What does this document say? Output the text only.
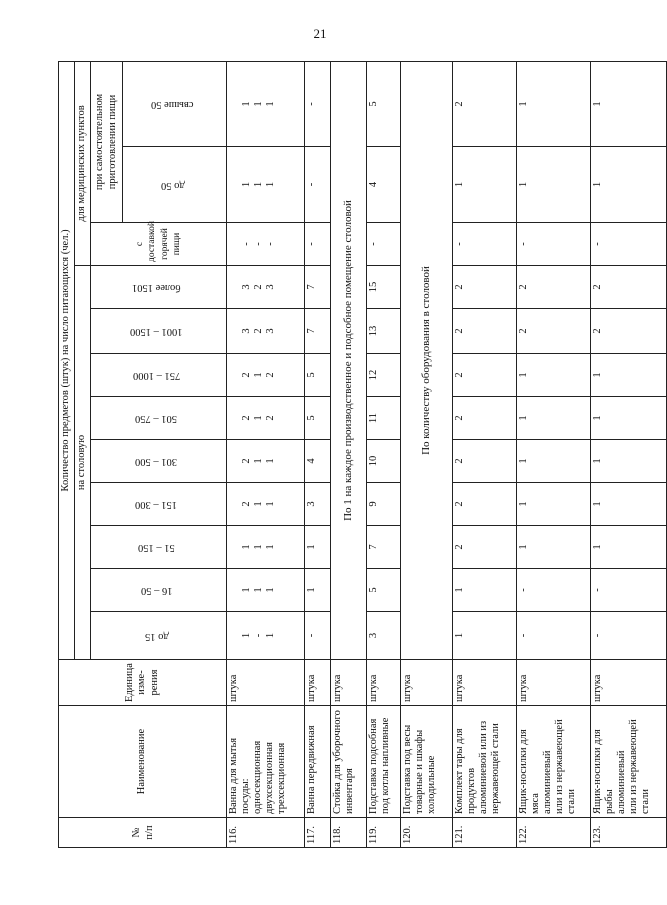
21
№
п/п	Наименование	Единица
изме-
рения	Количество предметов (штук) на число питающихся (чел.)											
			на столовую									для медицинских пунктов		
			до 15	16 – 50	51 – 150	151 – 300	301 – 500	501 – 750	751 – 1000	1001 – 1500	более 1501	с доставкой горячей пищи	при самостоятельном приготовлении пищи	
													до 50	свыше 50
116.	Ванна для мытья посуды: односекционная двухсекционная трехсекционная	штука	1 - 1	1 1 1	1 1 1	2 1 1	2 1 1	2 1 2	2 1 2	3 2 3	3 2 3	- - -	1 1 1	1 1 1

117.	Ванна передвижная	штука	-	1	1	3	4	5	5	7	7	-	-	-
118.	Стойка для уборочного инвентаря	штука	По 1 на каждое производственное и подсобное помещение столовой											
119.	Подставка подсобная под котлы напливные	штука	3	5	7	9	10	11	12	13	15	-	4	5
120.	Подставка под весы товарные и шкафы холодильные	штука	По количеству оборудования в столовой											
121.	Комплект тары для продуктов алюминиевой или из нержавеющей стали	штука	1	1	2	2	2	2	2	2	2	-	1	2
122.	Ящик-носилки для мяса алюминиевый или из нержавеющей стали	штука	-	-	1	1	1	1	1	2	2	-	1	1
123.	Ящик-носилки для рыбы алюминиевый или из нержавеющей стали	штука	-	-	1	1	1	1	1	2	2	-	1	1
